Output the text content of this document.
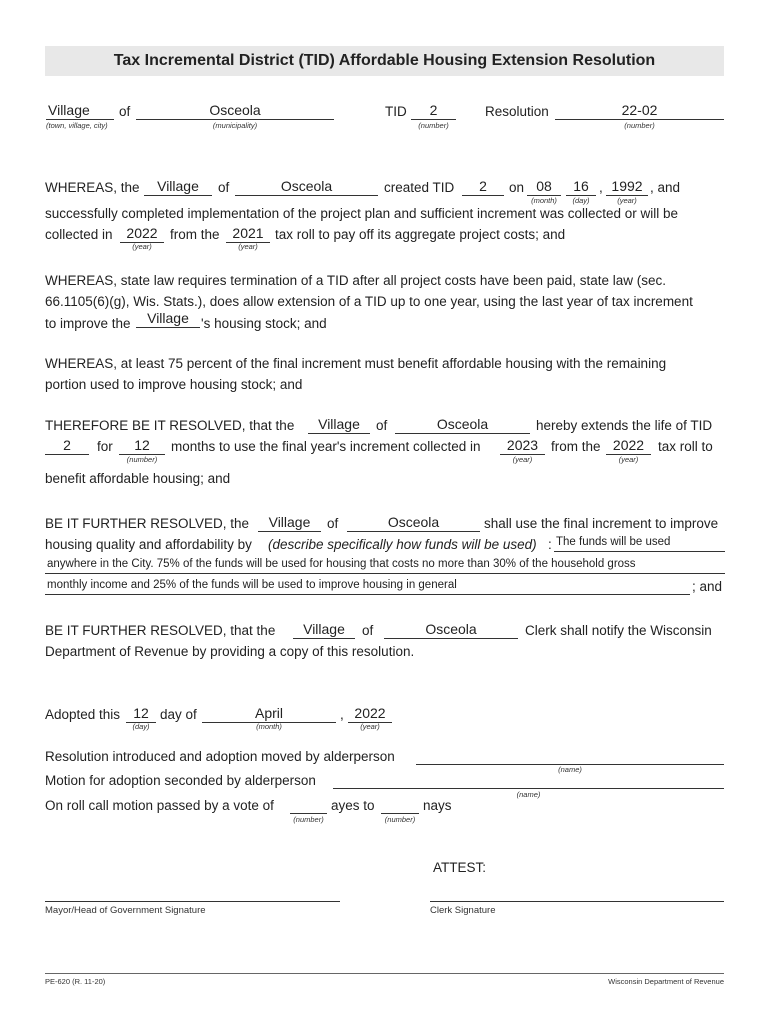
Tax Incremental District (TID) Affordable Housing Extension Resolution
Village	of	Osceola	TID	2	Resolution	22-02
(town, village, city)	(municipality)	(number)	(number)
WHEREAS, the	Village	of	Osceola	created TID	2	on 08	16 , 1992 , and
(month)	(day)	(year)
successfully completed implementation of the project plan and sufficient increment was collected or will be
collected in 2022 from the 2021 tax roll to pay off its aggregate project costs; and
(year)	(year)
WHEREAS, state law requires termination of a TID after all project costs have been paid, state law (sec.
66.1105(6)(g), Wis. Stats.), does allow extension of a TID up to one year, using the last year of tax increment
to improve the	Village 's housing stock; and
WHEREAS, at least 75 percent of the final increment must benefit affordable housing with the remaining
portion used to improve housing stock; and
THEREFORE BE IT RESOLVED, that the	Village	of	Osceola	hereby extends the life of TID
2	for	12	months to use the final year's increment collected in	2023 from the 2022	tax roll to
(number)	(year)	(year)
benefit affordable housing; and
BE IT FURTHER RESOLVED, the	Village	of	Osceola	shall use the final increment to improve
housing quality and affordability by (describe specifically how funds will be used) : The funds will be used
anywhere in the City. 75% of the funds will be used for housing that costs no more than 30% of the household gross
monthly income and 25% of the funds will be used to improve housing in general	; and
BE IT FURTHER RESOLVED, that the	Village	of	Osceola	Clerk shall notify the Wisconsin
Department of Revenue by providing a copy of this resolution.
Adopted this 12 day of	April	, 2022
(day)	(month)	(year)
Resolution introduced and adoption moved by alderperson
(name)
Motion for adoption seconded by alderperson
(name)
On roll call motion passed by a vote of	ayes to	nays
(number)	(number)
ATTEST:
Mayor/Head of Government Signature	Clerk Signature
PE-620 (R. 11-20)	Wisconsin Department of Revenue
